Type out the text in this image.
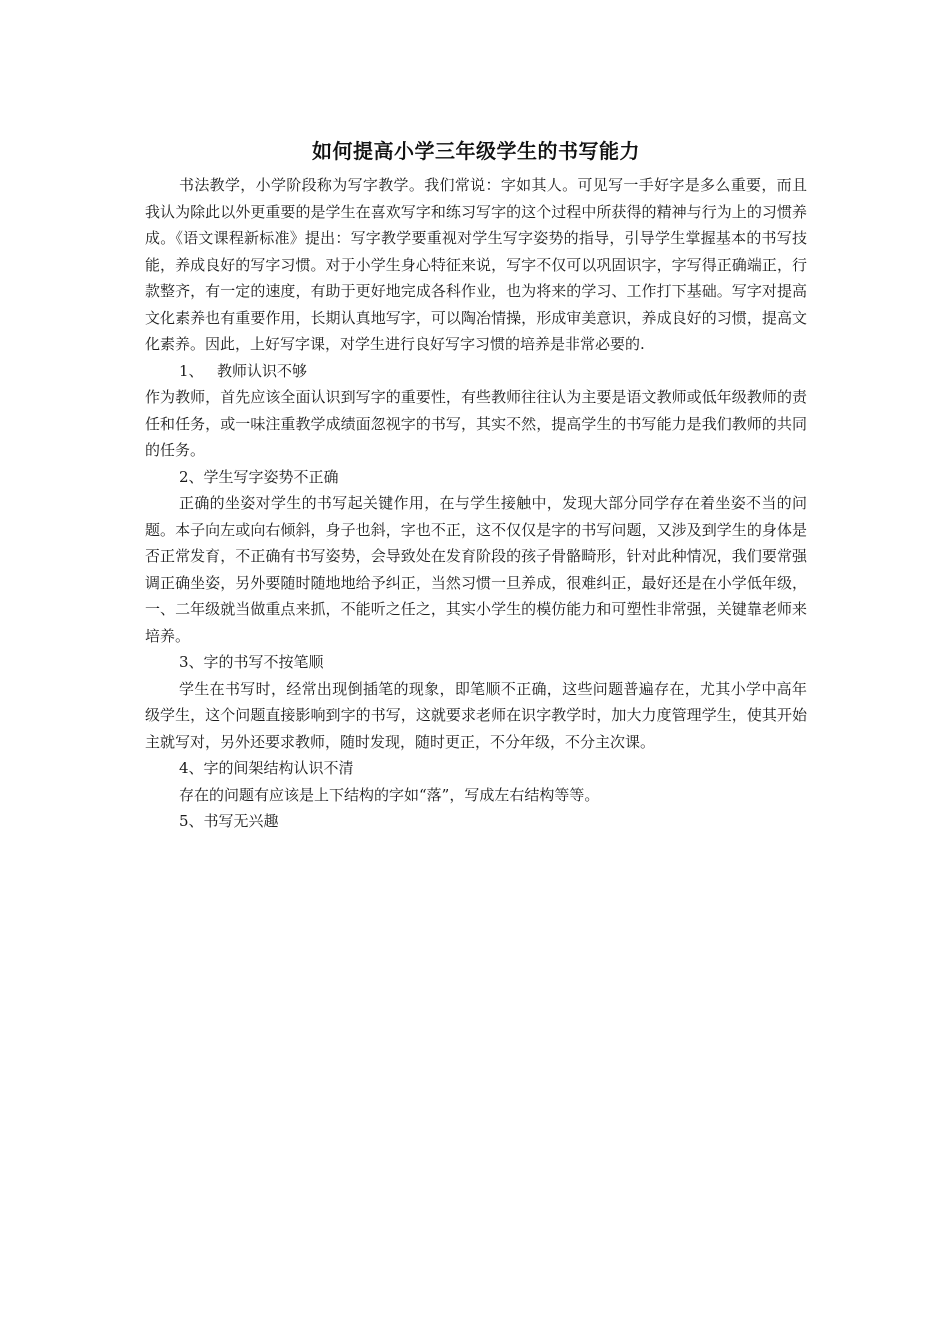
如何提高小学三年级学生的书写能力

书法教学，小学阶段称为写字教学。我们常说：字如其人。可见写一手好字是多么重要，而且我认为除此以外更重要的是学生在喜欢写字和练习写字的这个过程中所获得的精神与行为上的习惯养成。《语文课程新标准》提出：写字教学要重视对学生写字姿势的指导，引导学生掌握基本的书写技能，养成良好的写字习惯。对于小学生身心特征来说，写字不仅可以巩固识字，字写得正确端正，行款整齐，有一定的速度，有助于更好地完成各科作业，也为将来的学习、工作打下基础。写字对提高文化素养也有重要作用，长期认真地写字，可以陶冶情操，形成审美意识，养成良好的习惯，提高文化素养。因此，上好写字课，对学生进行良好写字习惯的培养是非常必要的.

1、 教师认识不够

作为教师，首先应该全面认识到写字的重要性，有些教师往往认为主要是语文教师或低年级教师的责任和任务，或一味注重教学成绩面忽视字的书写，其实不然，提高学生的书写能力是我们教师的共同的任务。

2、学生写字姿势不正确

正确的坐姿对学生的书写起关键作用，在与学生接触中，发现大部分同学存在着坐姿不当的问题。本子向左或向右倾斜，身子也斜，字也不正，这不仅仅是字的书写问题，又涉及到学生的身体是否正常发育，不正确有书写姿势，会导致处在发育阶段的孩子骨骼畸形，针对此种情况，我们要常强调正确坐姿，另外要随时随地地给予纠正，当然习惯一旦养成，很难纠正，最好还是在小学低年级，一、二年级就当做重点来抓，不能听之任之，其实小学生的模仿能力和可塑性非常强，关键靠老师来培养。

3、字的书写不按笔顺

学生在书写时，经常出现倒插笔的现象，即笔顺不正确，这些问题普遍存在，尤其小学中高年级学生，这个问题直接影响到字的书写，这就要求老师在识字教学时，加大力度管理学生，使其开始主就写对，另外还要求教师，随时发现，随时更正，不分年级，不分主次课。

4、字的间架结构认识不清

存在的问题有应该是上下结构的字如“落”，写成左右结构等等。

5、书写无兴趣
